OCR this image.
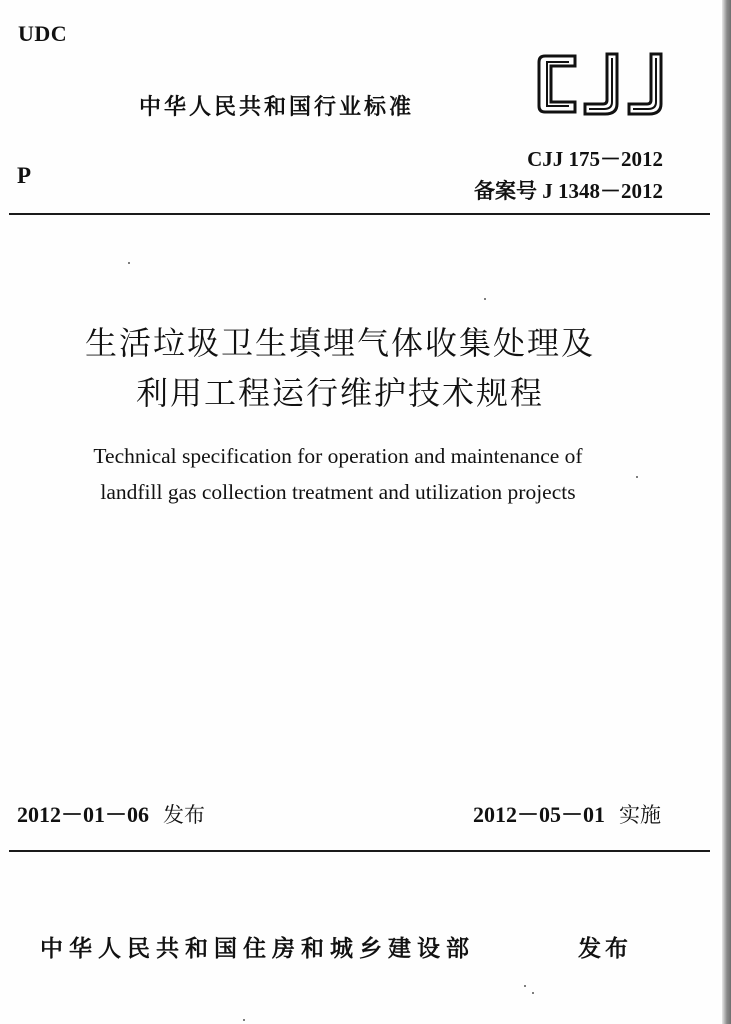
UDC
中华人民共和国行业标准
CJJ 175－2012
备案号 J 1348－2012
P
生活垃圾卫生填埋气体收集处理及
利用工程运行维护技术规程
Technical specification for operation and maintenance of
landfill gas collection treatment and utilization projects
2012－01－06 发布	2012－05－01 实施
中华人民共和国住房和城乡建设部	发布
